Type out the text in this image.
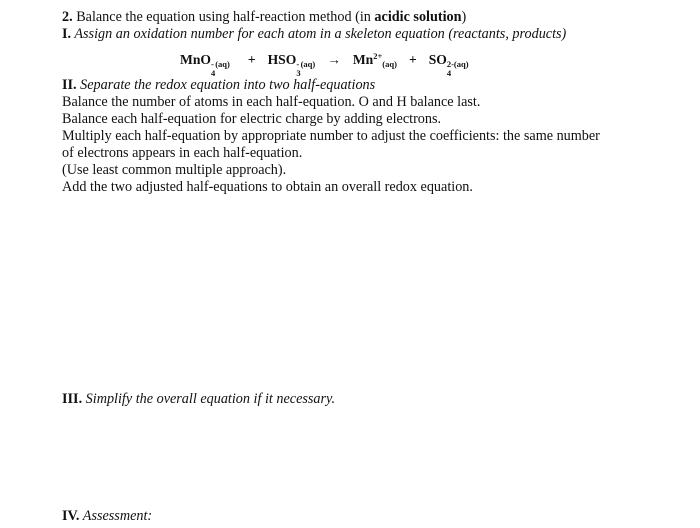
2. Balance the equation using half-reaction method (in acidic solution)
I. Assign an oxidation number for each atom in a skeleton equation (reactants, products)
MnO -
4
$_{(aq)}$ + HSO -
3
$_{(aq)} \to Mn^{2+}_{(aq)}$ + SO 2-
4
$_{(aq)}$
II. Separate the redox equation into two half-equations
Balance the number of atoms in each half-equation. O and H balance last.
Balance each half-equation for electric charge by adding electrons.
Multiply each half-equation by appropriate number to adjust the coefficients: the same number
of electrons appears in each half-equation.
(Use least common multiple approach).
Add the two adjusted half-equations to obtain an overall redox equation.
III. Simplify the overall equation if it necessary.
IV. Assessment:
